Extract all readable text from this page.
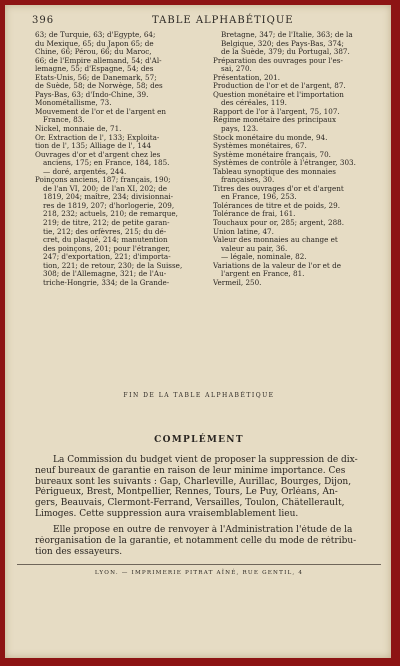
396	TABLE ALPHABÉTIQUE
63; de Turquie, 63; d'Egypte, 64;
du Mexique, 65; du Japon 65; de
Chine, 66; Pérou, 66; du Maroc,
66; de l'Empire allemand, 54; d'Al-
lemagne, 55; d'Espagne, 54; des
Etats-Unis, 56; de Danemark, 57;
de Suède, 58; de Norwège, 58; des
Pays-Bas, 63; d'Indo-Chine, 39.
Monométallisme, 73.
Mouvement de l'or et de l'argent en
France, 83.
Nickel, monnaie de, 71.
Or. Extraction de l', 133; Exploita-
tion de l', 135; Alliage de l', 144
Ouvrages d'or et d'argent chez les
anciens, 175; en France, 184, 185.
— doré, argentés, 244.
Poinçons anciens, 187; français, 190;
de l'an VI, 200; de l'an XI, 202; de
1819, 204; maître, 234; divisionnai-
res de 1819, 207; d'horlogerie, 209,
218, 232; actuels, 210; de remarque,
219; de titre, 212; de petite garan-
tie, 212; des orfèvres, 215; du dé-
cret, du plaqué, 214; manutention
des poinçons, 201; pour l'étranger,
247; d'exportation, 221; d'importa-
tion, 221; de retour, 230; de la Suisse,
308; de l'Allemagne, 321; de l'Au-
triche-Hongrie, 334; de la Grande-
Bretagne, 347; de l'Italie, 363; de la
Belgique, 320; des Pays-Bas, 374;
de la Suède, 379; du Portugal, 387.
Préparation des ouvrages pour l'es-
sai, 270.
Présentation, 201.
Production de l'or et de l'argent, 87.
Question monétaire et l'importation
des céréales, 119.
Rapport de l'or à l'argent, 75, 107.
Régime monétaire des principaux
pays, 123.
Stock monétaire du monde, 94.
Systèmes monétaires, 67.
Système monétaire français, 70.
Systèmes de contrôle à l'étranger, 303.
Tableau synoptique des monnaies
françaises, 30.
Titres des ouvrages d'or et d'argent
en France, 196, 253.
Tolérances de titre et de poids, 29.
Tolérance de frai, 161.
Touchaux pour or, 285; argent, 288.
Union latine, 47.
Valeur des monnaies au change et
valeur au pair, 36.
— légale, nominale, 82.
Variations de la valeur de l'or et de
l'argent en France, 81.
Vermeil, 250.
FIN DE LA TABLE ALPHABÉTIQUE
COMPLÉMENT
La Commission du budget vient de proposer la suppression de dix-
neuf bureaux de garantie en raison de leur minime importance. Ces
bureaux sont les suivants : Gap, Charleville, Aurillac, Bourges, Dijon,
Périgueux, Brest, Montpellier, Rennes, Tours, Le Puy, Orléans, An-
gers, Beauvais, Clermont-Ferrand, Versailles, Toulon, Châtellerault,
Limoges. Cette suppression aura vraisemblablement lieu.
Elle propose en outre de renvoyer à l'Administration l'étude de la
réorganisation de la garantie, et notamment celle du mode de rétribu-
tion des essayeurs.
LYON. — IMPRIMERIE PITRAT AÎNÉ, RUE GENTIL, 4
